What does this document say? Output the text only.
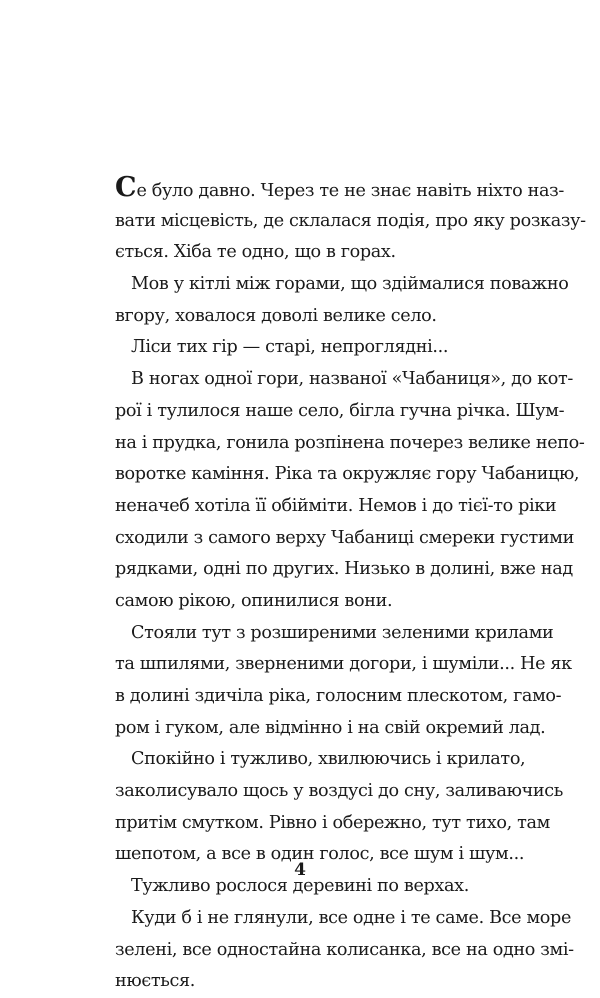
Се було давно. Через те не знає навіть ніхто наз-
вати місцевість, де склалася подія, про яку розказу-
ється. Хіба те одно, що в горах.
Мов у кітлі між горами, що здіймалися поважно
вгору, ховалося доволі велике село.
Ліси тих гір — старі, непроглядні...
В ногах одної гори, названої «Чабаниця», до кот-
рої і тулилося наше село, бігла гучна річка. Шум-
на і прудка, гонила розпінена почерез велике непо-
воротке каміння. Ріка та окружляє гору Чабаницю,
неначеб хотіла її обійміти. Немов і до тієї-то ріки
сходили з самого верху Чабаниці смереки густими
рядками, одні по других. Низько в долині, вже над
самою рікою, опинилися вони.
Стояли тут з розширеними зеленими крилами
та шпилями, зверненими догори, і шуміли... Не як
в долині здичіла ріка, голосним плескотом, гамо-
ром і гуком, але відмінно і на свій окремий лад.
Спокійно і тужливо, хвилюючись і крилато,
заколисувало щось у воздусі до сну, заливаючись
притім смутком. Рівно і обережно, тут тихо, там
шепотом, а все в один голос, все шум і шум...
Тужливо рослося деревині по верхах.
Куди б і не глянули, все одне і те саме. Все море
зелені, все одностайна колисанка, все на одно змі-
нюється.
4
